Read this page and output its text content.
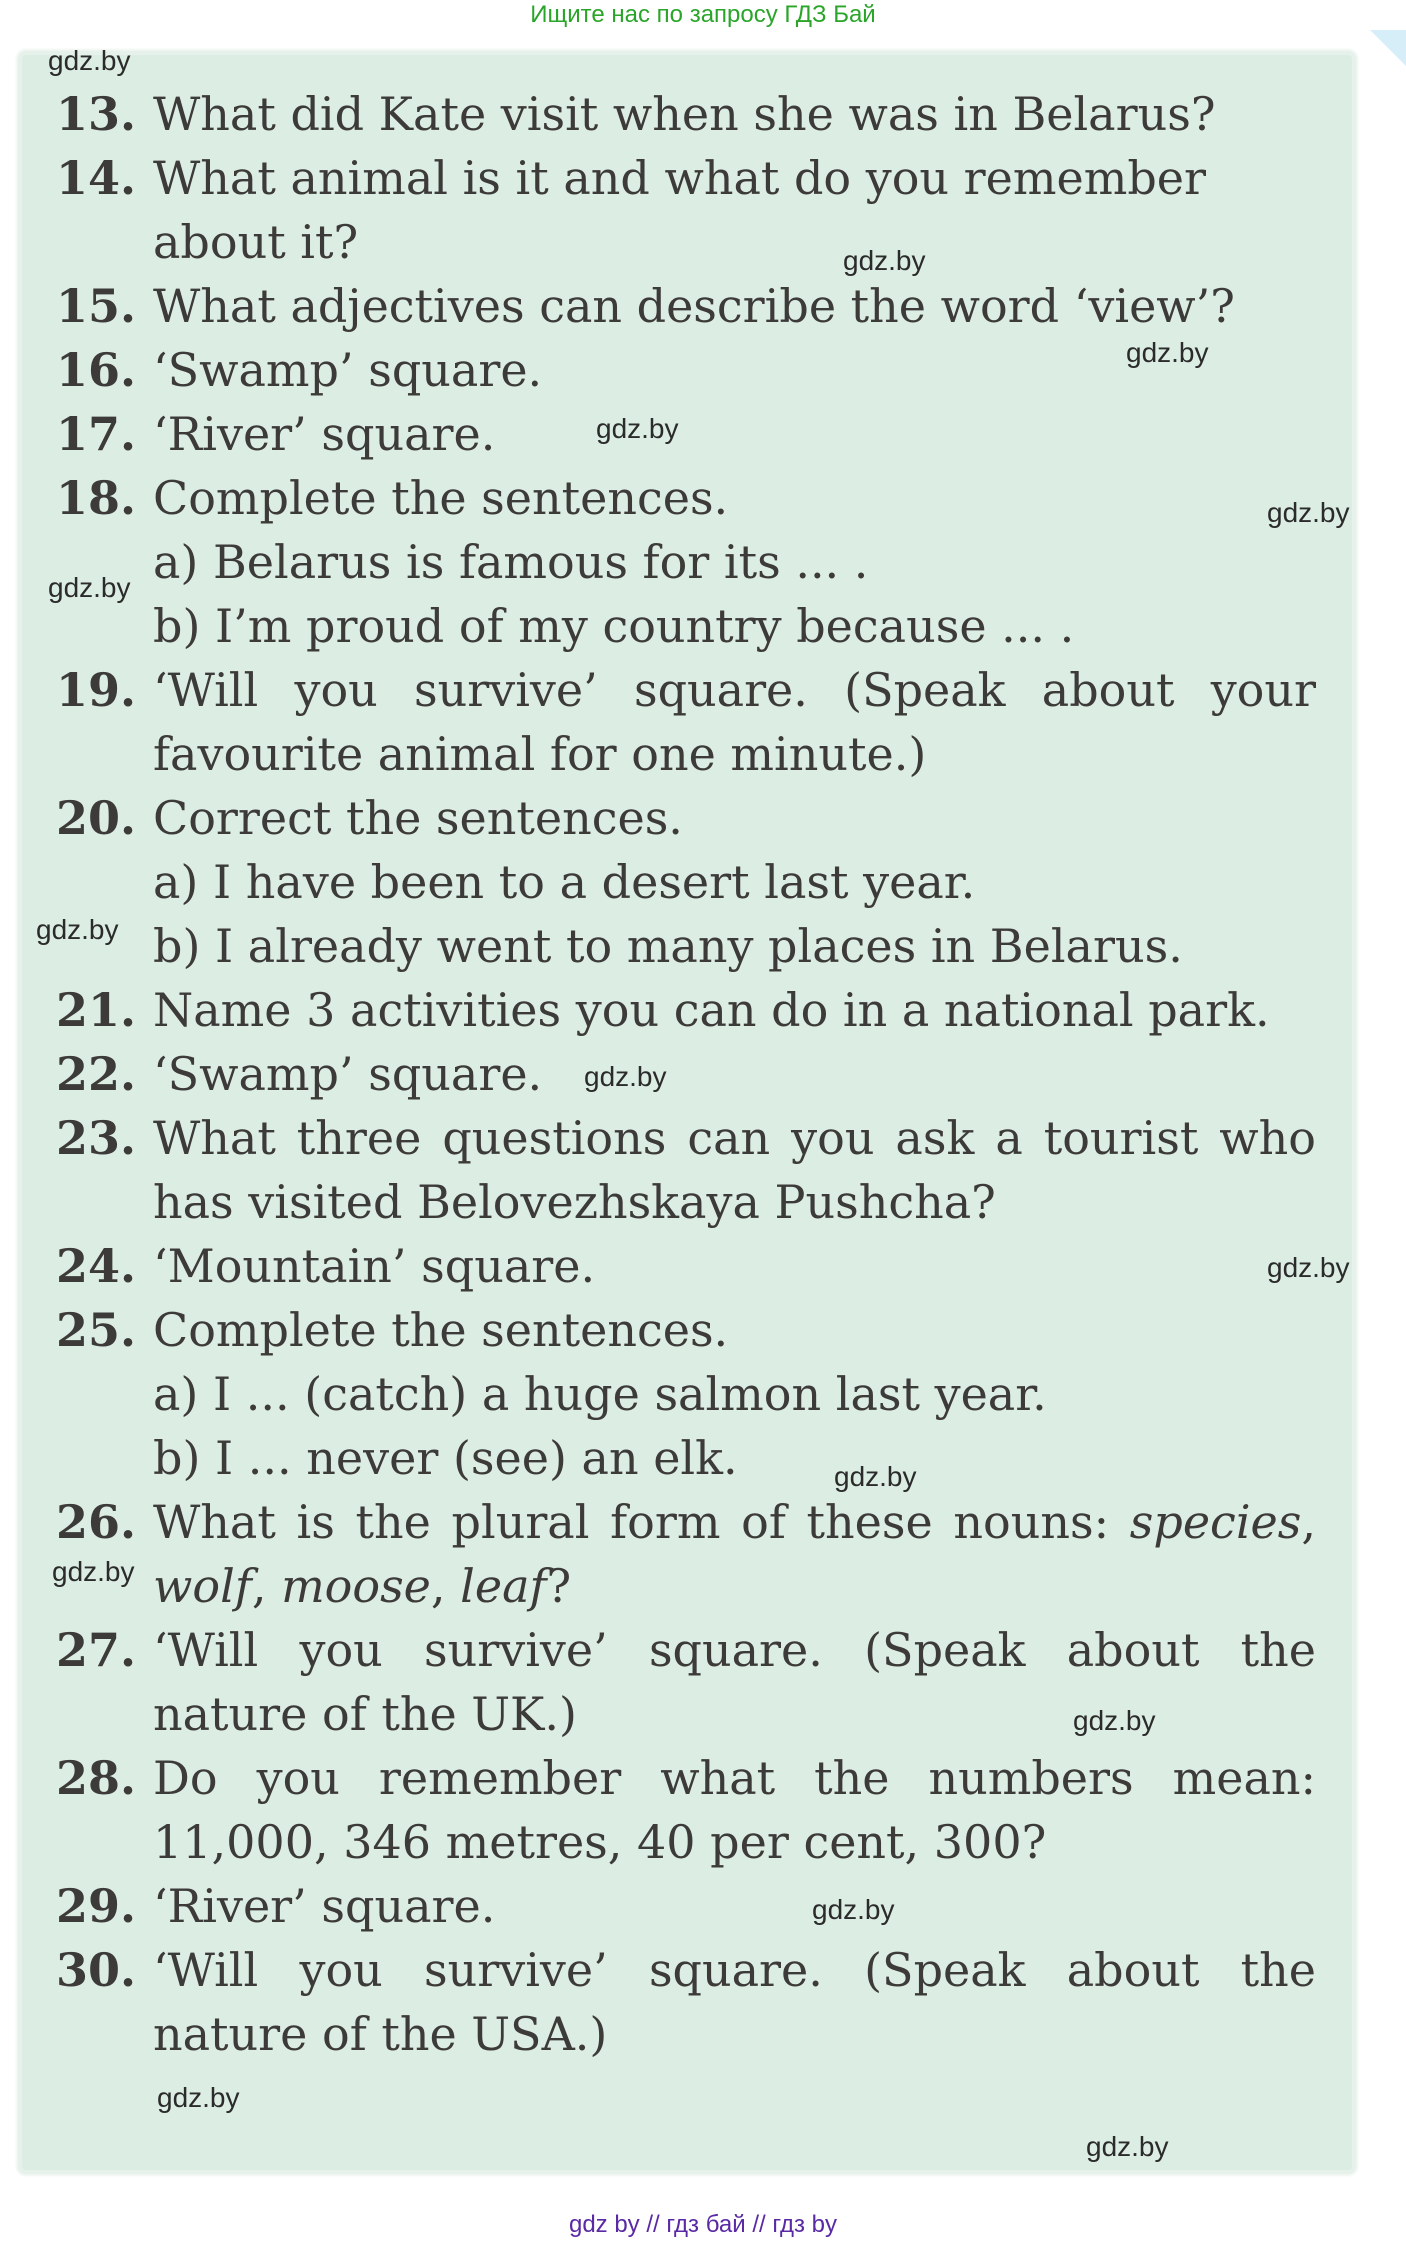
Ищите нас по запросу ГДЗ Бай
13. What did Kate visit when she was in Belarus?
14. What animal is it and what do you remember about it?
15. What adjectives can describe the word ‘view’?
16. ‘Swamp’ square.
17. ‘River’ square.
18. Complete the sentences.
a) Belarus is famous for its ... .
b) I’m proud of my country because ... .
19. ‘Will you survive’ square. (Speak about your favourite animal for one minute.)
20. Correct the sentences.
a) I have been to a desert last year.
b) I already went to many places in Belarus.
21. Name 3 activities you can do in a national park.
22. ‘Swamp’ square.
23. What three questions can you ask a tourist who has visited Belovezhskaya Pushcha?
24. ‘Mountain’ square.
25. Complete the sentences.
a) I ... (catch) a huge salmon last year.
b) I ... never (see) an elk.
26. What is the plural form of these nouns: species, wolf, moose, leaf?
27. ‘Will you survive’ square. (Speak about the nature of the UK.)
28. Do you remember what the numbers mean: 11,000, 346 metres, 40 per cent, 300?
29. ‘River’ square.
30. ‘Will you survive’ square. (Speak about the nature of the USA.)
gdz.by
gdz.by
gdz.by
gdz.by
gdz.by
gdz.by
gdz.by
gdz.by
gdz.by
gdz.by
gdz.by
gdz.by
gdz.by
gdz.by
gdz.by
gdz by // гдз бай // гдз by
